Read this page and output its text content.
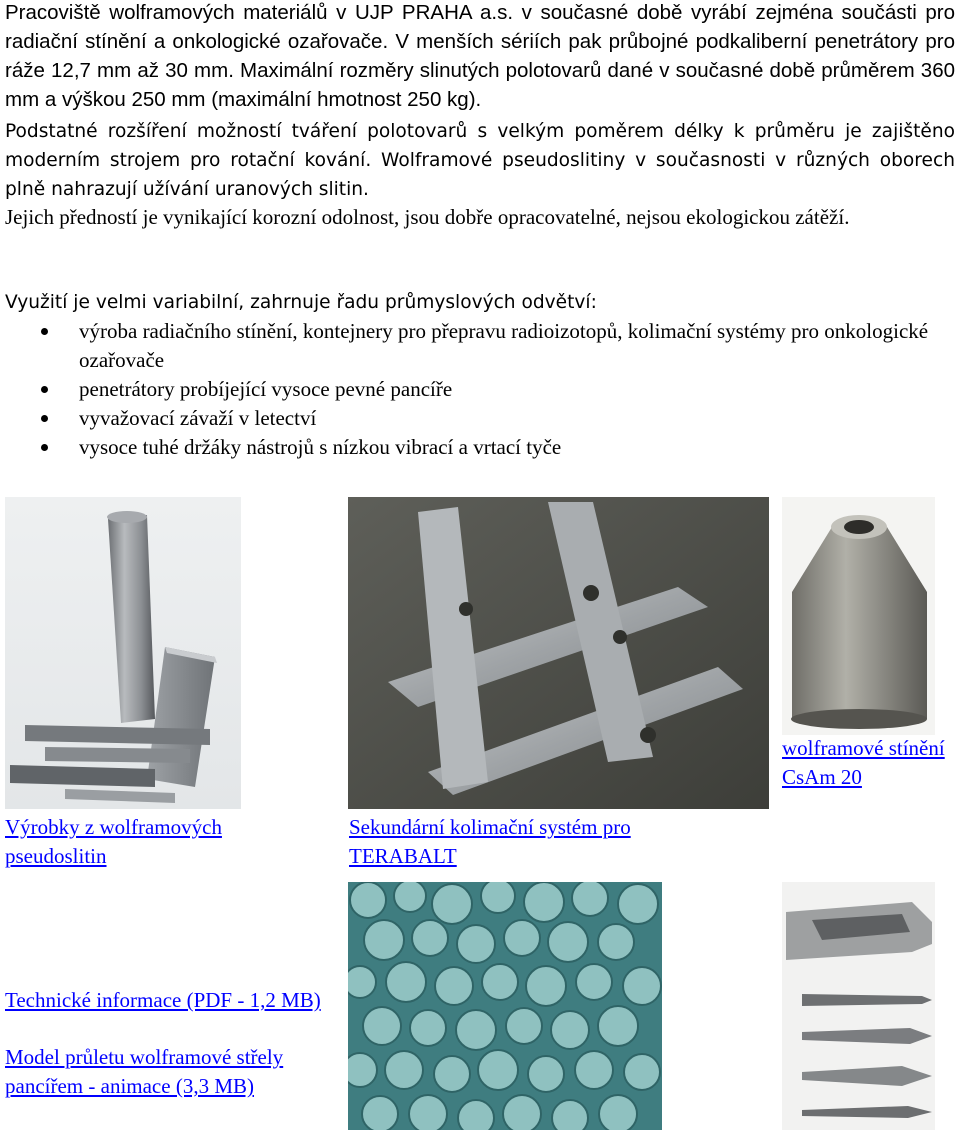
Pracoviště wolframových materiálů v UJP PRAHA a.s. v současné době vyrábí zejména součásti pro radiační stínění a onkologické ozařovače. V menších sériích pak průbojné podkaliberní penetrátory pro ráže 12,7 mm až 30 mm. Maximální rozměry slinutých polotovarů dané v současné době průměrem 360 mm a výškou 250 mm (maximální hmotnost 250 kg).

Podstatné rozšíření možností tváření polotovarů s velkým poměrem délky k průměru je zajištěno moderním strojem pro rotační kování. Wolframové pseudoslitiny v současnosti v různých oborech plně nahrazují užívání uranových slitin.

Jejich předností je vynikající korozní odolnost, jsou dobře opracovatelné, nejsou ekologickou zátěží.

Využití je velmi variabilní, zahrnuje řadu průmyslových odvětví:
výroba radiačního stínění, kontejnery pro přepravu radioizotopů, kolimační systémy pro onkologické ozařovače
penetrátory probíjející vysoce pevné pancíře
vyvažovací závaží v letectví
vysoce tuhé držáky nástrojů s nízkou vibrací a vrtací tyče
Výrobky z wolframových pseudoslitin
Sekundární kolimační systém pro TERABALT
wolframové stínění CsAm 20
Technické informace (PDF - 1,2 MB)
Model průletu wolframové střely pancířem - animace (3,3 MB)
